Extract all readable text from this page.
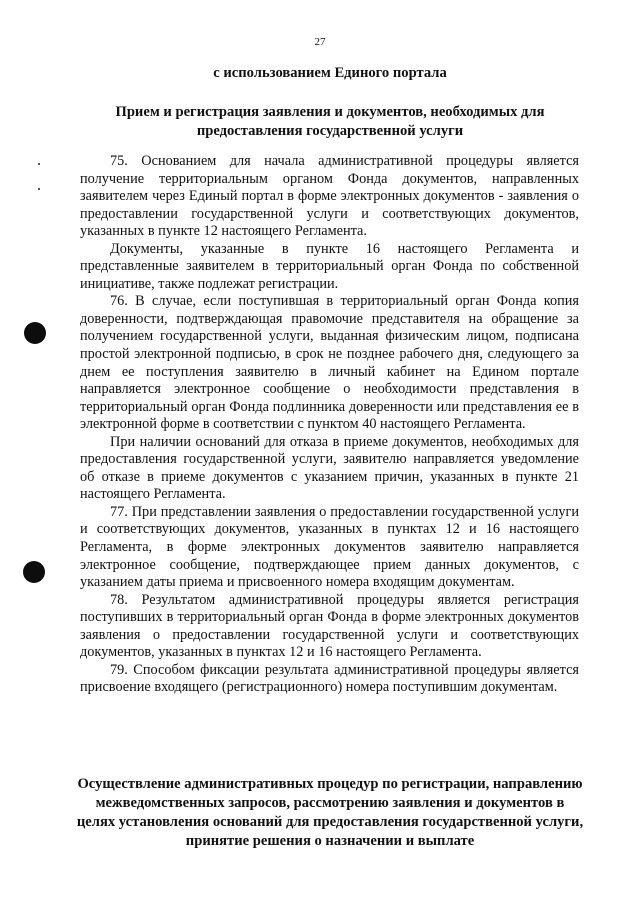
27
с использованием Единого портала
Прием и регистрация заявления и документов, необходимых для предоставления государственной услуги

75. Основанием для начала административной процедуры является получение территориальным органом Фонда документов, направленных заявителем через Единый портал в форме электронных документов - заявления о предоставлении государственной услуги и соответствующих документов, указанных в пункте 12 настоящего Регламента.

Документы, указанные в пункте 16 настоящего Регламента и представленные заявителем в территориальный орган Фонда по собственной инициативе, также подлежат регистрации.

76. В случае, если поступившая в территориальный орган Фонда копия доверенности, подтверждающая правомочие представителя на обращение за получением государственной услуги, выданная физическим лицом, подписана простой электронной подписью, в срок не позднее рабочего дня, следующего за днем ее поступления заявителю в личный кабинет на Едином портале направляется электронное сообщение о необходимости представления в территориальный орган Фонда подлинника доверенности или представления ее в электронной форме в соответствии с пунктом 40 настоящего Регламента.

При наличии оснований для отказа в приеме документов, необходимых для предоставления государственной услуги, заявителю направляется уведомление об отказе в приеме документов с указанием причин, указанных в пункте 21 настоящего Регламента.

77. При представлении заявления о предоставлении государственной услуги и соответствующих документов, указанных в пунктах 12 и 16 настоящего Регламента, в форме электронных документов заявителю направляется электронное сообщение, подтверждающее прием данных документов, с указанием даты приема и присвоенного номера входящим документам.

78. Результатом административной процедуры является регистрация поступивших в территориальный орган Фонда в форме электронных документов заявления о предоставлении государственной услуги и соответствующих документов, указанных в пунктах 12 и 16 настоящего Регламента.

79. Способом фиксации результата административной процедуры является присвоение входящего (регистрационного) номера поступившим документам.

Осуществление административных процедур по регистрации, направлению межведомственных запросов, рассмотрению заявления и документов в целях установления оснований для предоставления государственной услуги, принятие решения о назначении и выплате
